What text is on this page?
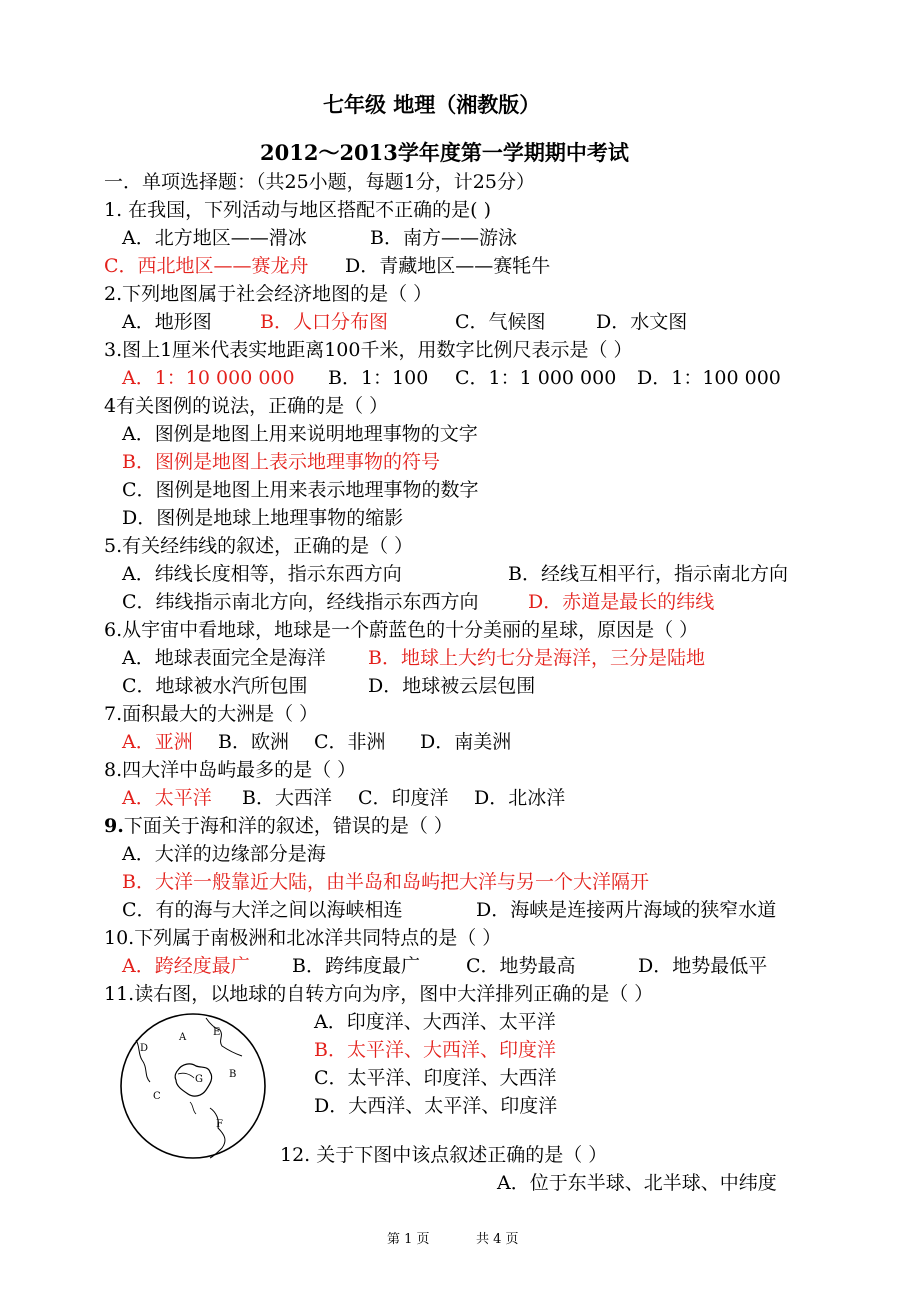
七年级 地理（湘教版）
2012～2013学年度第一学期期中考试
一．单项选择题：（共25小题，每题1分，计25分）
1. 在我国，下列活动与地区搭配不正确的是( )
A．北方地区——滑冰	B．南方——游泳
C．西北地区——赛龙舟 D．青藏地区——赛牦牛
2.下列地图属于社会经济地图的是（ ）
A．地形图	B．人口分布图	C．气候图	D．水文图
3.图上1厘米代表实地距离100千米，用数字比例尺表示是（ ）
A．1：10 000 000 B．1：100 C．1：1 000 000 D．1：100 000
4有关图例的说法，正确的是（ ）
A．图例是地图上用来说明地理事物的文字
B．图例是地图上表示地理事物的符号
C．图例是地图上用来表示地理事物的数字
D．图例是地球上地理事物的缩影
5.有关经纬线的叙述，正确的是（ ）
A．纬线长度相等，指示东西方向	B．经线互相平行，指示南北方向
C．纬线指示南北方向，经线指示东西方向	D．赤道是最长的纬线
6.从宇宙中看地球，地球是一个蔚蓝色的十分美丽的星球，原因是（ ）
A．地球表面完全是海洋 B．地球上大约七分是海洋，三分是陆地
C．地球被水汽所包围	D．地球被云层包围
7.面积最大的大洲是（ ）
A．亚洲 B．欧洲 C．非洲 D．南美洲
8.四大洋中岛屿最多的是（ ）
A．太平洋 B．大西洋 C．印度洋 D．北冰洋
9.下面关于海和洋的叙述，错误的是（ ）
A．大洋的边缘部分是海
B．大洋一般靠近大陆，由半岛和岛屿把大洋与另一个大洋隔开
C．有的海与大洋之间以海峡相连	D．海峡是连接两片海域的狭窄水道
10.下列属于南极洲和北冰洋共同特点的是（ ）
A．跨经度最广 B．跨纬度最广 C．地势最高	D．地势最低平
11.读右图，以地球的自转方向为序，图中大洋排列正确的是（ ）
A．印度洋、大西洋、太平洋
B．太平洋、大西洋、印度洋
C．太平洋、印度洋、大西洋
D．大西洋、太平洋、印度洋
A
B
C
D
E
F
G
12. 关于下图中该点叙述正确的是（ ）
A．位于东半球、北半球、中纬度
第 1 页	共 4 页
